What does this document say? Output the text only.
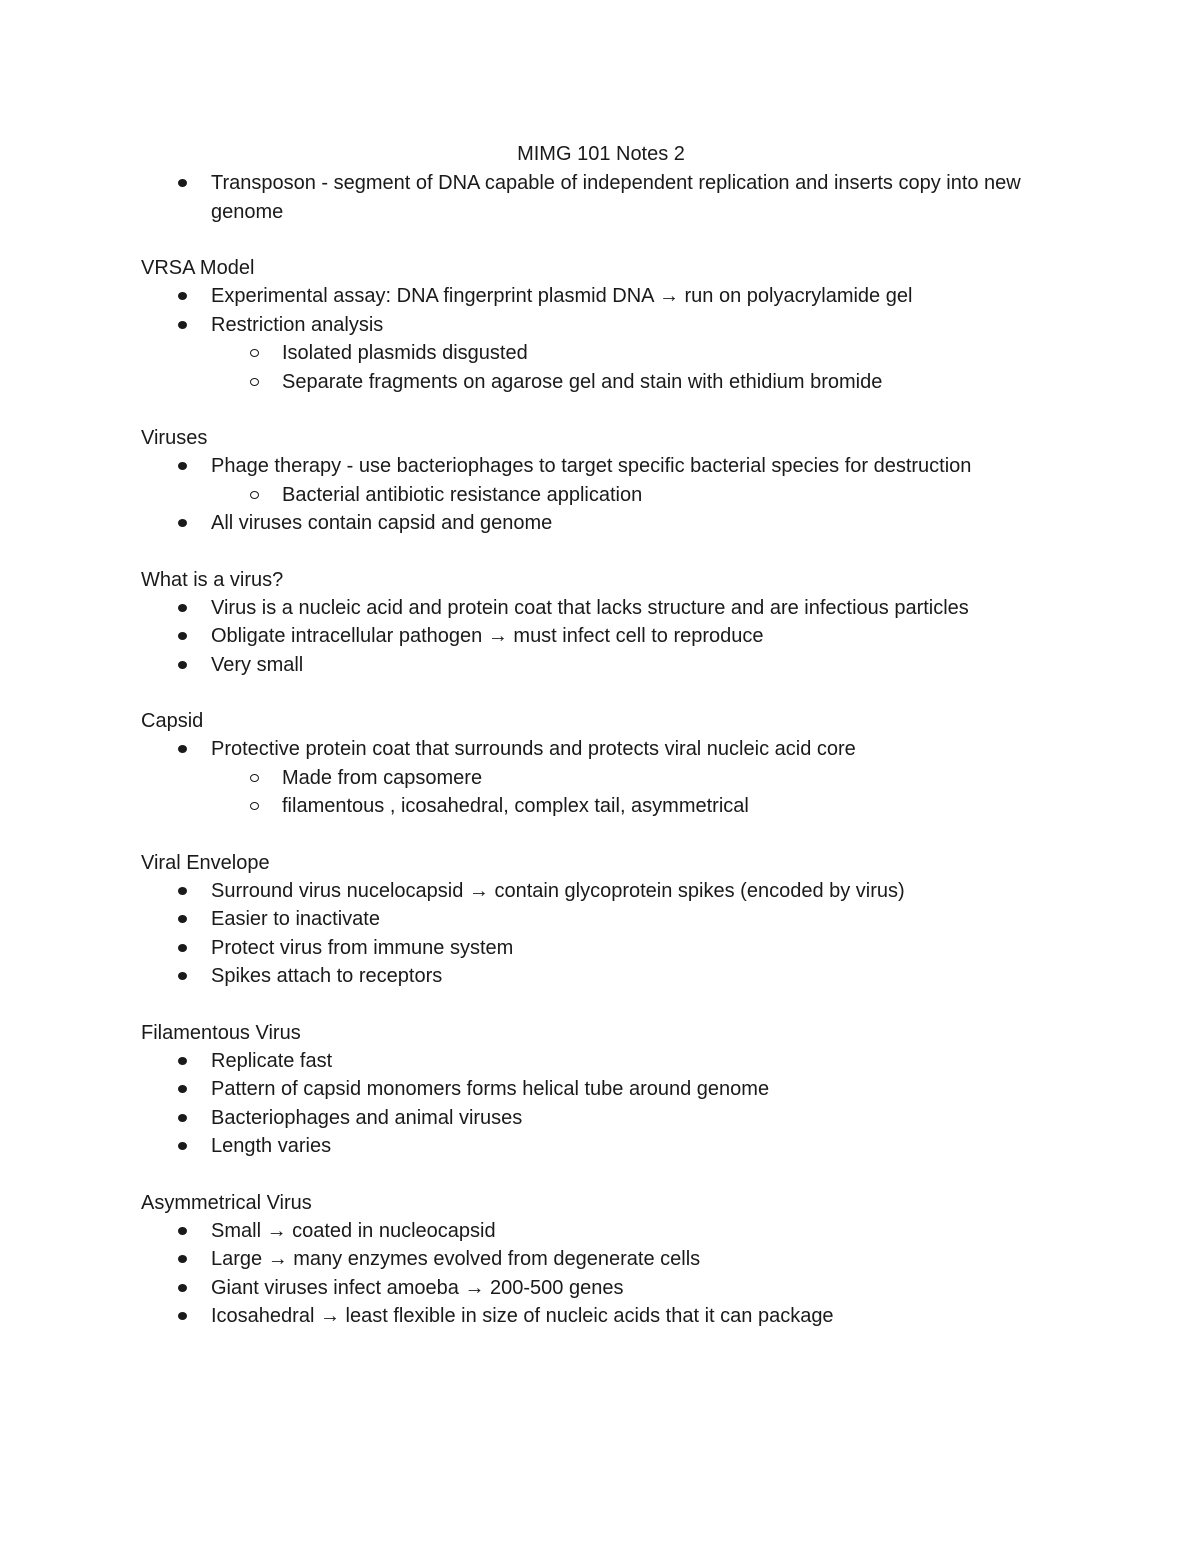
MIMG 101 Notes 2
Transposon - segment of DNA capable of independent replication and inserts copy into new genome
VRSA Model
Experimental assay: DNA fingerprint plasmid DNA → run on polyacrylamide gel
Restriction analysis
Isolated plasmids disgusted
Separate fragments on agarose gel and stain with ethidium bromide
Viruses
Phage therapy - use bacteriophages to target specific bacterial species for destruction
Bacterial antibiotic resistance application
All viruses contain capsid and genome
What is a virus?
Virus is a nucleic acid and protein coat that lacks structure and are infectious particles
Obligate intracellular pathogen → must infect cell to reproduce
Very small
Capsid
Protective protein coat that surrounds and protects viral nucleic acid core
Made from capsomere
filamentous , icosahedral, complex tail, asymmetrical
Viral Envelope
Surround virus nucelocapsid → contain glycoprotein spikes (encoded by virus)
Easier to inactivate
Protect virus from immune system
Spikes attach to receptors
Filamentous Virus
Replicate fast
Pattern of capsid monomers forms helical tube around genome
Bacteriophages and animal viruses
Length varies
Asymmetrical Virus
Small → coated in nucleocapsid
Large → many enzymes evolved from degenerate cells
Giant viruses infect amoeba → 200-500 genes
Icosahedral → least flexible in size of nucleic acids that it can package
